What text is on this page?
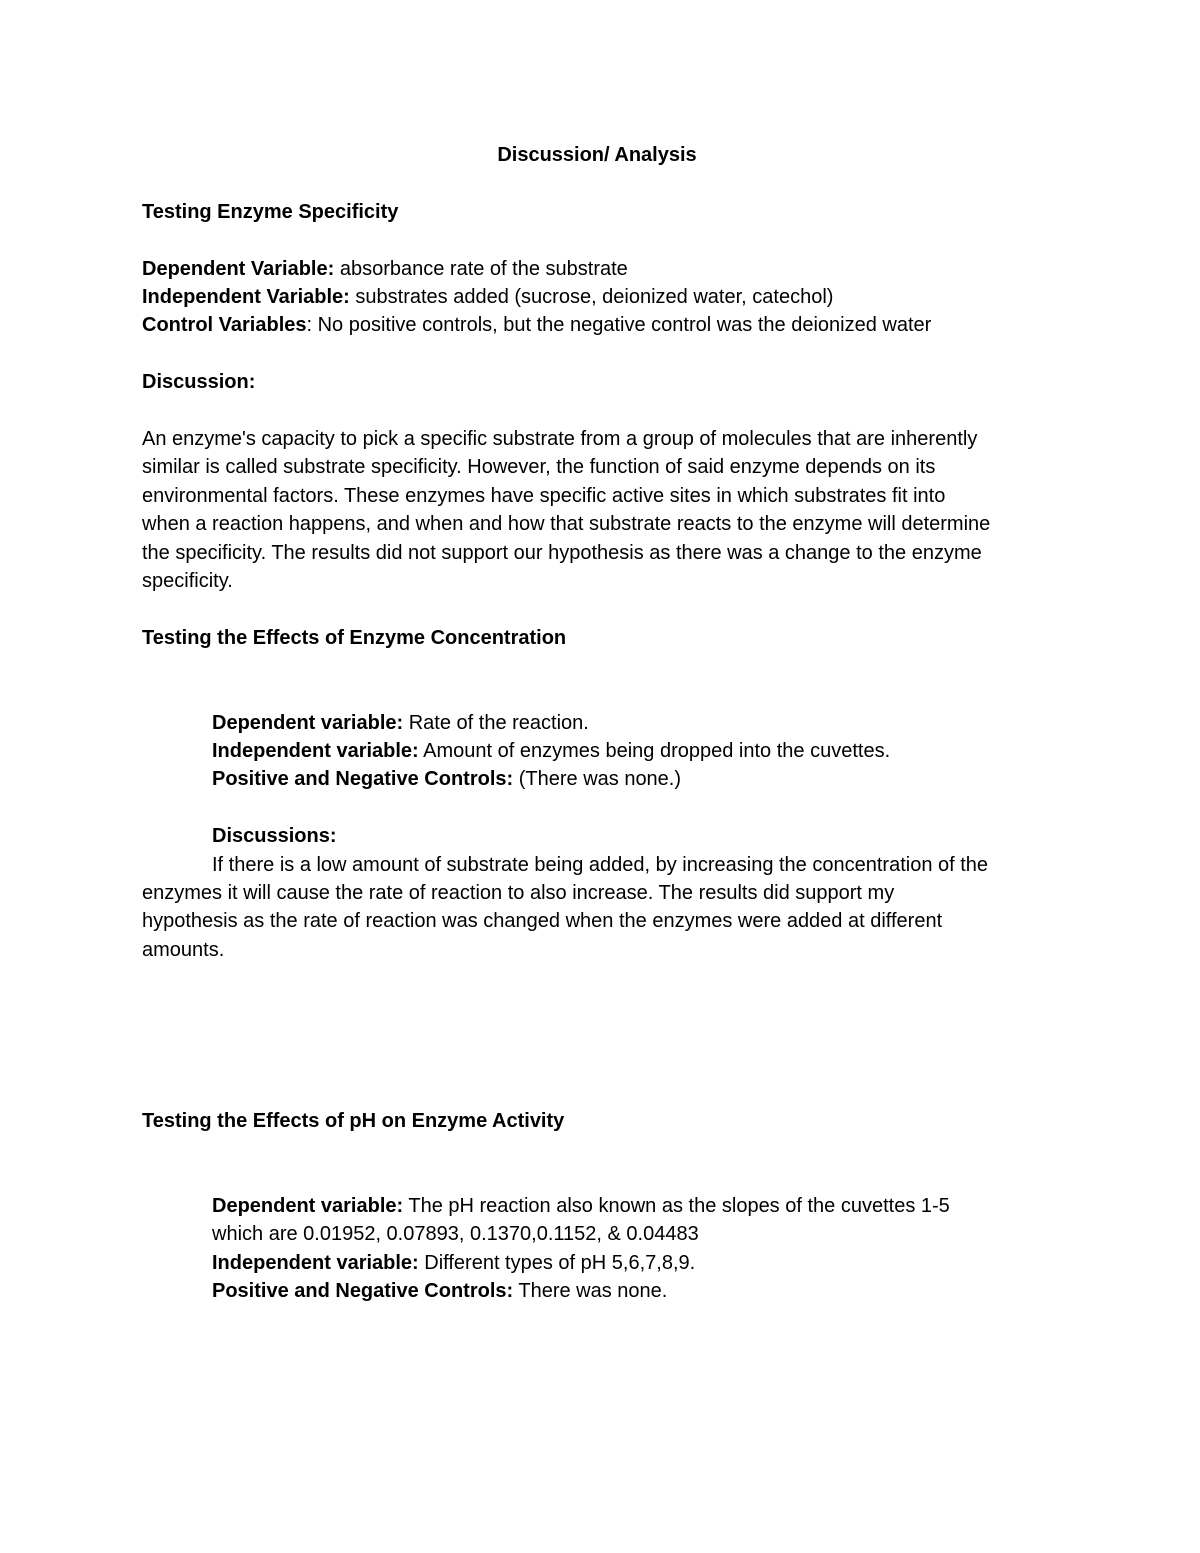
Discussion/ Analysis
Testing Enzyme Specificity
Dependent Variable: absorbance rate of the substrate
Independent Variable: substrates added (sucrose, deionized water, catechol)
Control Variables: No positive controls, but the negative control was the deionized water
Discussion:

An enzyme's capacity to pick a specific substrate from a group of molecules that are inherently

similar is called substrate specificity. However, the function of said enzyme depends on its

environmental factors. These enzymes have specific active sites in which substrates fit into

when a reaction happens, and when and how that substrate reacts to the enzyme will determine

the specificity. The results did not support our hypothesis as there was a change to the enzyme

specificity.

Testing the Effects of Enzyme Concentration
Dependent variable: Rate of the reaction.
Independent variable: Amount of enzymes being dropped into the cuvettes.
Positive and Negative Controls: (There was none.)
Discussions:
If there is a low amount of substrate being added, by increasing the concentration of the
enzymes it will cause the rate of reaction to also increase. The results did support my
hypothesis as the rate of reaction was changed when the enzymes were added at different
amounts.
Testing the Effects of pH on Enzyme Activity
Dependent variable: The pH reaction also known as the slopes of the cuvettes 1-5
which are 0.01952, 0.07893, 0.1370,0.1152, & 0.04483
Independent variable: Different types of pH 5,6,7,8,9.
Positive and Negative Controls: There was none.
